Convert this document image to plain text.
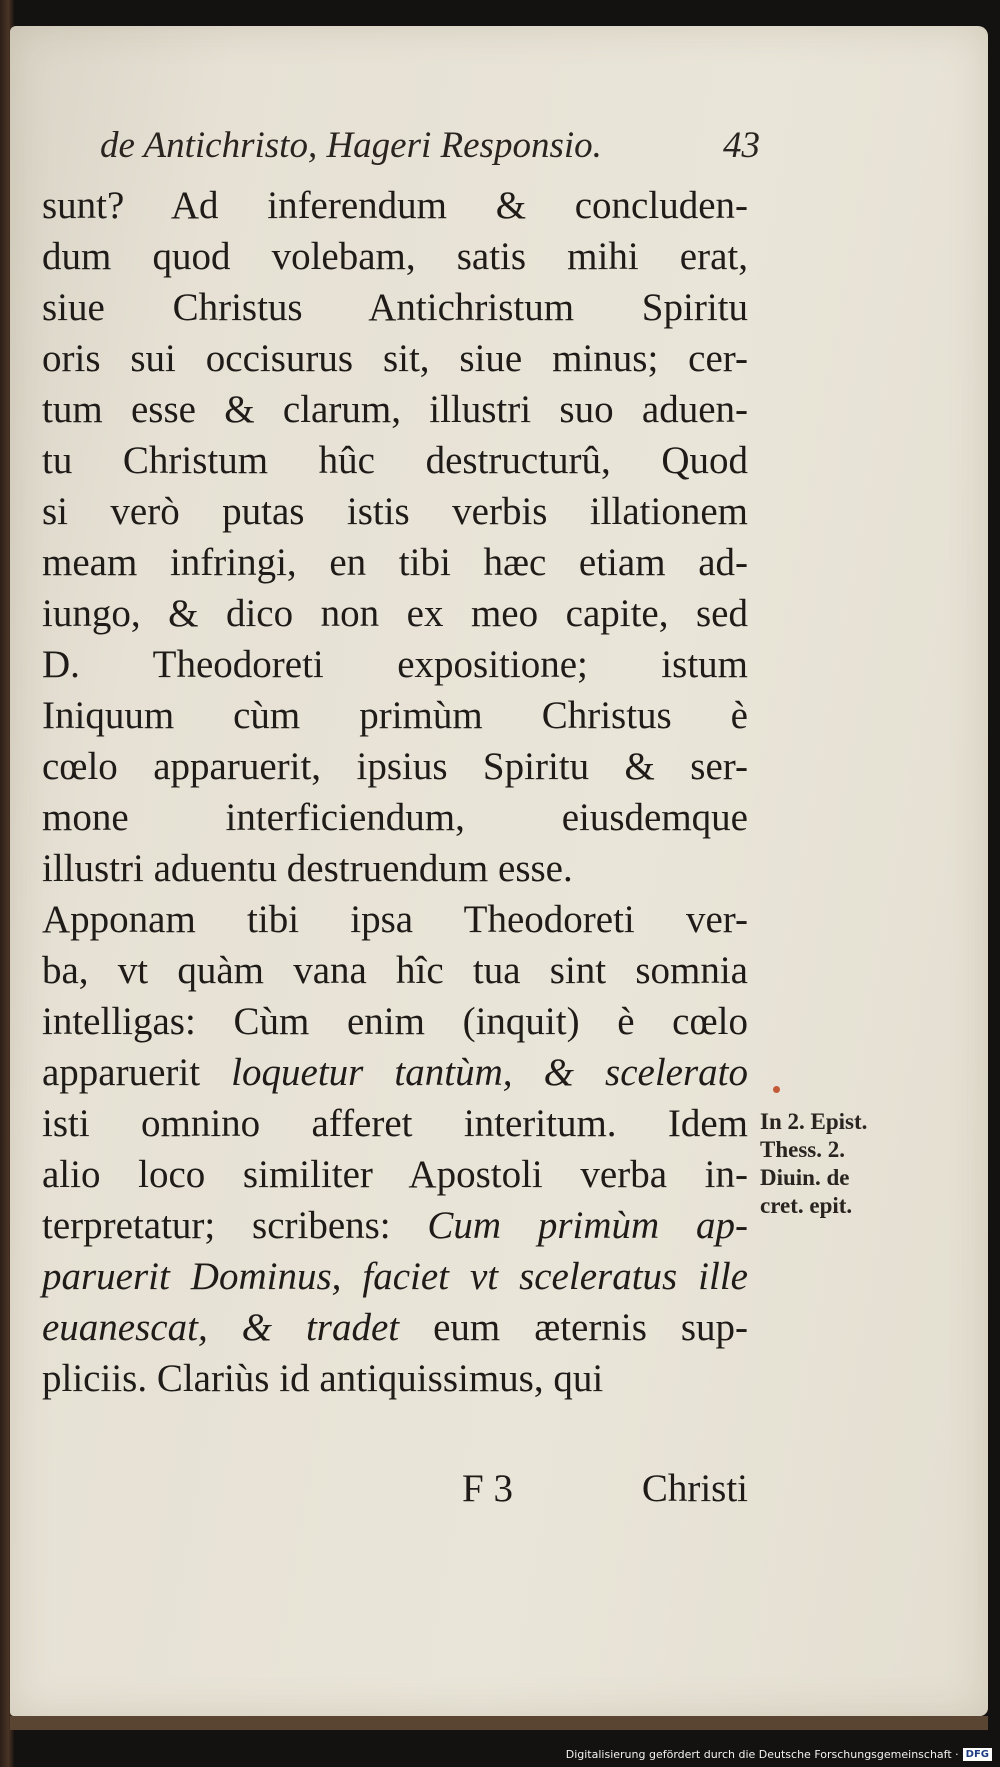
de Antichristo, Hageri Responsio.	43
sunt? Ad inferendum & concluden-
dum quod volebam, satis mihi erat,
siue Christus Antichristum Spiritu
oris sui occisurus sit, siue minus; cer-
tum esse & clarum, illustri suo aduen-
tu Christum hûc destructurû, Quod
si verò putas istis verbis illationem
meam infringi, en tibi hæc etiam ad-
iungo, & dico non ex meo capite, sed
D. Theodoreti expositione; istum
Iniquum cùm primùm Christus è
cœlo apparuerit, ipsius Spiritu & ser-
mone interficiendum, eiusdemque
illustri aduentu destruendum esse.
Apponam tibi ipsa Theodoreti ver-
ba, vt quàm vana hîc tua sint somnia
intelligas: Cùm enim (inquit) è cœlo
apparuerit loquetur tantùm, & scelerato
isti omnino afferet interitum. Idem
alio loco similiter Apostoli verba in-
terpretatur; scribens: Cum primùm ap-
paruerit Dominus, faciet vt sceleratus ille
euanescat, & tradet eum æternis sup-
pliciis. Clariùs id antiquissimus, qui
F 3	Christi
In 2. Epist.
Thess. 2.
Diuin. de
cret. epit.
Digitalisierung gefördert durch die Deutsche Forschungsgemeinschaft · DFG
